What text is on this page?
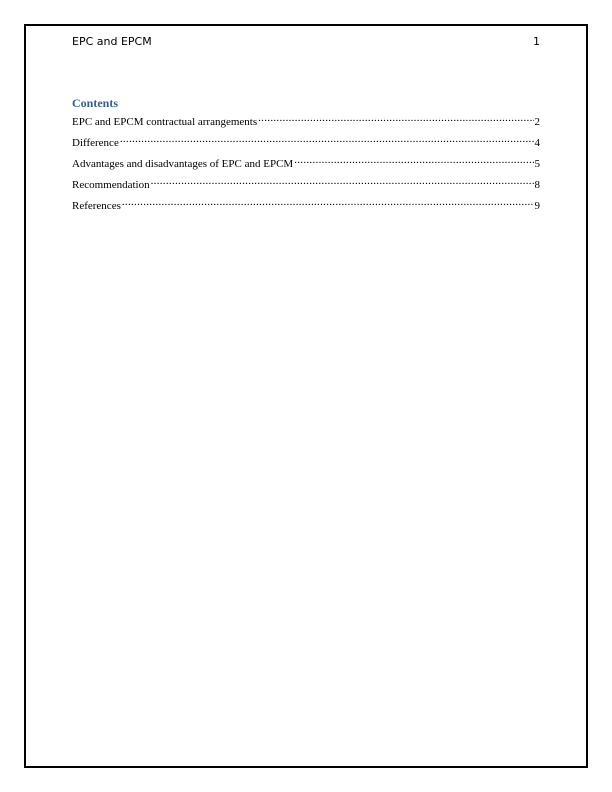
EPC and EPCM	1
Contents
EPC and EPCM contractual arrangements .....	2
Difference .....	4
Advantages and disadvantages of EPC and EPCM .....	5
Recommendation .....	8
References .....	9
